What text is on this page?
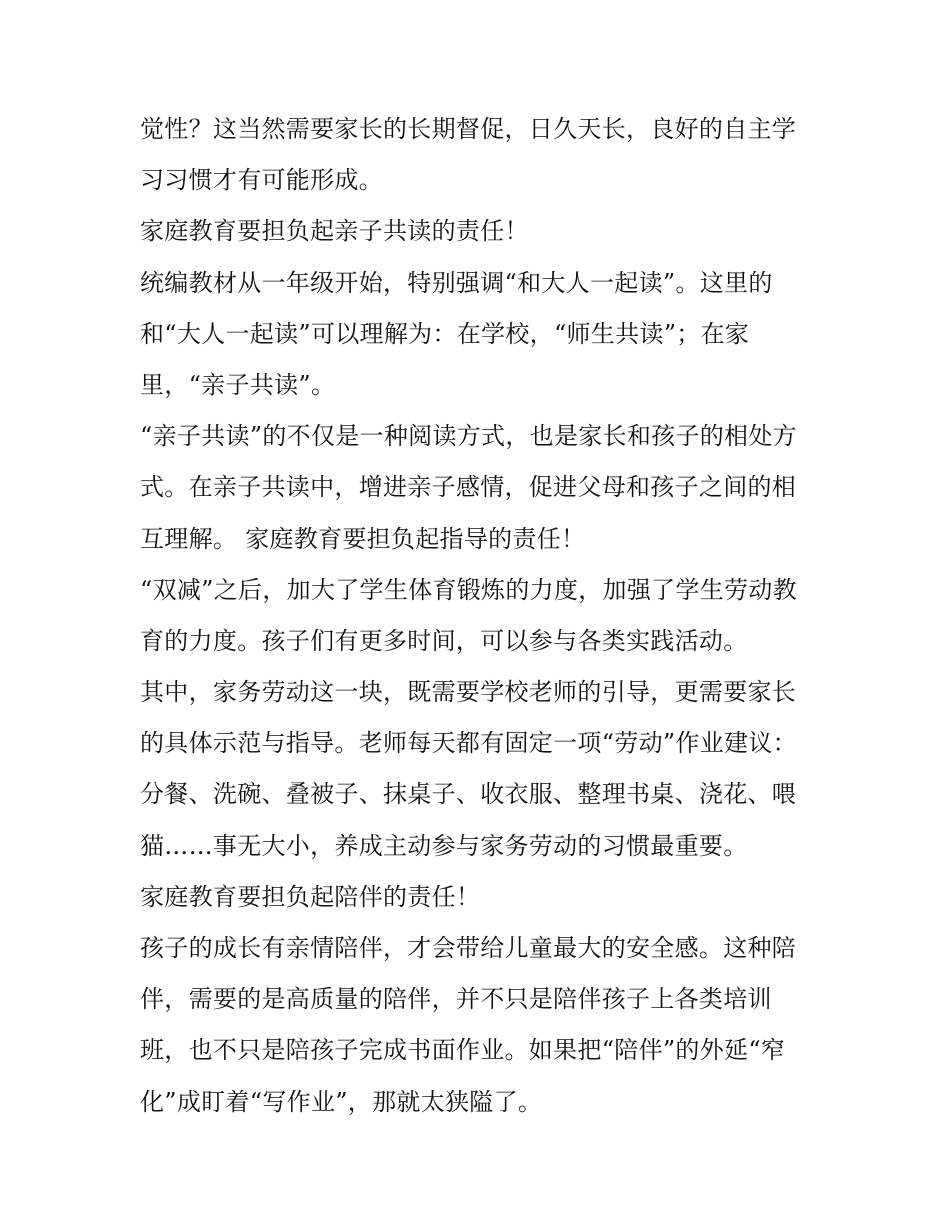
觉性？这当然需要家长的长期督促，日久天长，良好的自主学
习习惯才有可能形成。
家庭教育要担负起亲子共读的责任！
统编教材从一年级开始，特别强调“和大人一起读”。这里的
和“大人一起读”可以理解为：在学校，“师生共读”；在家
里，“亲子共读”。
“亲子共读”的不仅是一种阅读方式，也是家长和孩子的相处方
式。在亲子共读中，增进亲子感情，促进父母和孩子之间的相
互理解。 家庭教育要担负起指导的责任！
“双减”之后，加大了学生体育锻炼的力度，加强了学生劳动教
育的力度。孩子们有更多时间，可以参与各类实践活动。
其中，家务劳动这一块，既需要学校老师的引导，更需要家长
的具体示范与指导。老师每天都有固定一项“劳动”作业建议：
分餐、洗碗、叠被子、抹桌子、收衣服、整理书桌、浇花、喂
猫……事无大小，养成主动参与家务劳动的习惯最重要。
家庭教育要担负起陪伴的责任！
孩子的成长有亲情陪伴，才会带给儿童最大的安全感。这种陪
伴，需要的是高质量的陪伴，并不只是陪伴孩子上各类培训
班，也不只是陪孩子完成书面作业。如果把“陪伴”的外延“窄
化”成盯着“写作业”，那就太狭隘了。
